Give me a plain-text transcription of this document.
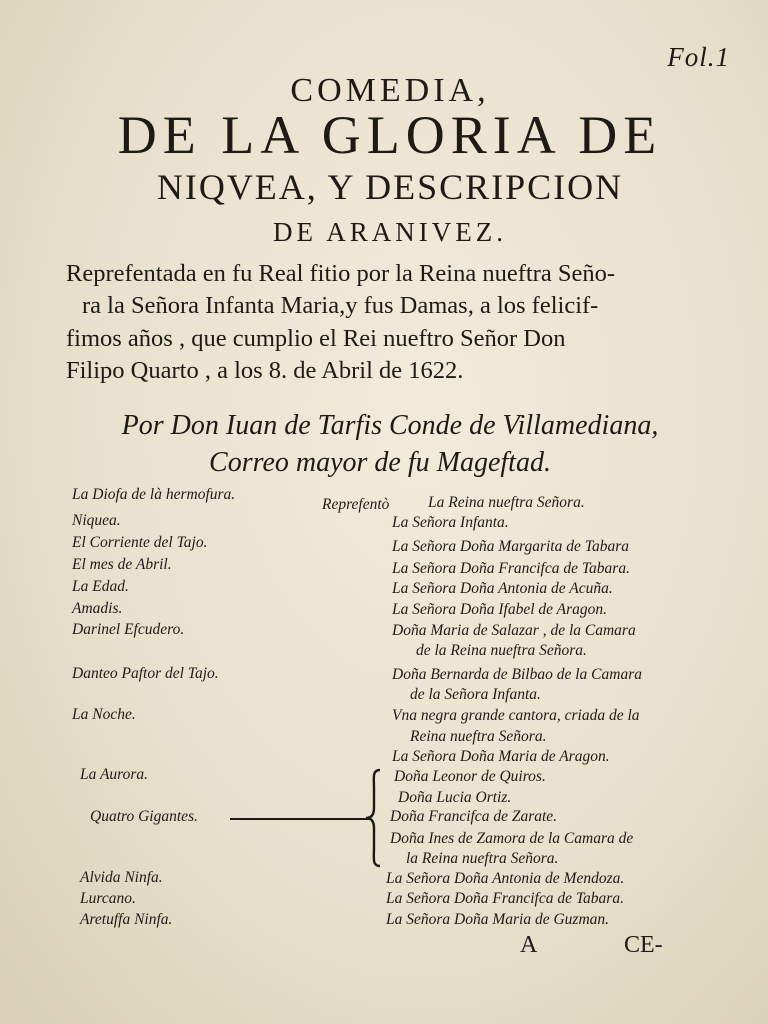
Fol.1
COMEDIA,
DE LA GLORIA DE
NIQVEA, Y DESCRIPCION
DE ARANIVEZ.
Reprefentada en fu Real fitio por la Reina nueftra Seño-
ra la Señora Infanta Maria,y fus Damas, a los felicif-
fimos años , que cumplio el Rei nueftro Señor Don
Filipo Quarto , a los 8. de Abril de 1622.
Por Don Iuan de Tarfis Conde de Villamediana,
Correo mayor de fu Mageftad.
Reprefentò
La Diofa de là hermofura.
Niquea.
El Corriente del Tajo.
El mes de Abril.
La Edad.
Amadis.
Darinel Efcudero.
Danteo Paftor del Tajo.
La Noche.
La Aurora.
Quatro Gigantes.
Alvida Ninfa.
Lurcano.
Aretuffa Ninfa.
La Reina nueftra Señora.
La Señora Infanta.
La Señora Doña Margarita de Tabara
La Señora Doña Francifca de Tabara.
La Señora Doña Antonia de Acuña.
La Señora Doña Ifabel de Aragon.
Doña Maria de Salazar , de la Camara
de la Reina nueftra Señora.
Doña Bernarda de Bilbao de la Camara
de la Señora Infanta.
Vna negra grande cantora, criada de la
Reina nueftra Señora.
La Señora Doña Maria de Aragon.
Doña Leonor de Quiros.
Doña Lucia Ortiz.
Doña Francifca de Zarate.
Doña Ines de Zamora de la Camara de
la Reina nueftra Señora.
La Señora Doña Antonia de Mendoza.
La Señora Doña Francifca de Tabara.
La Señora Doña Maria de Guzman.
A	CE-
